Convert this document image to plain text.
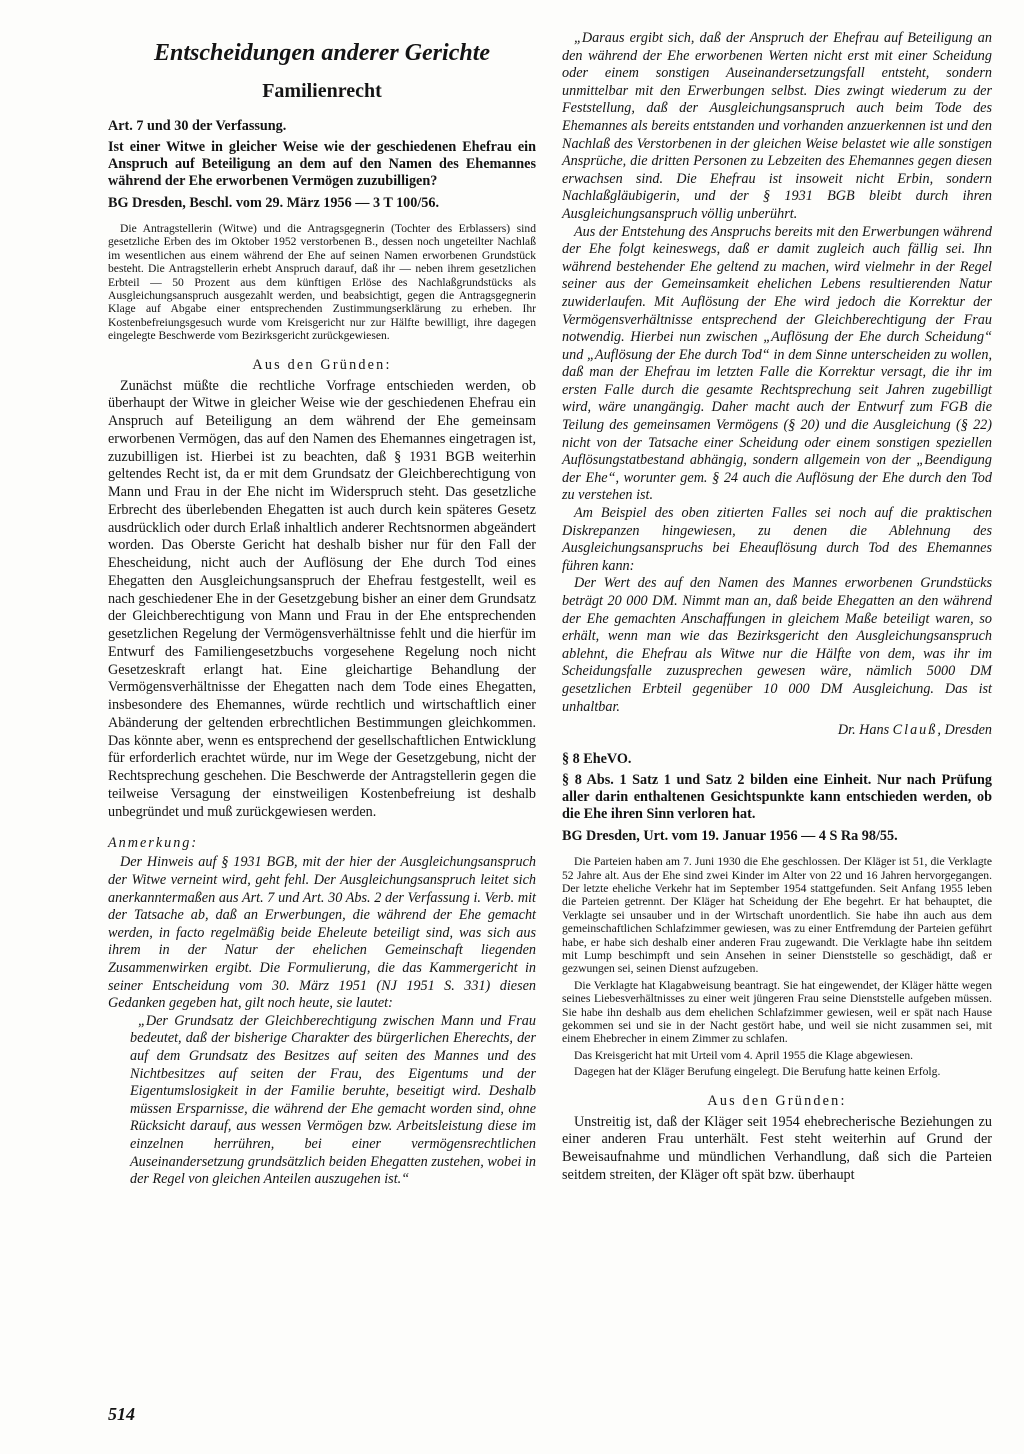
Entscheidungen anderer Gerichte
Familienrecht

Art. 7 und 30 der Verfassung.

Ist einer Witwe in gleicher Weise wie der geschiedenen Ehefrau ein Anspruch auf Beteiligung an dem auf den Namen des Ehemannes während der Ehe erworbenen Vermögen zuzubilligen?

BG Dresden, Beschl. vom 29. März 1956 — 3 T 100/56.

Die Antragstellerin (Witwe) und die Antragsgegnerin (Tochter des Erblassers) sind gesetzliche Erben des im Oktober 1952 verstorbenen B., dessen noch ungeteilter Nachlaß im wesentlichen aus einem während der Ehe auf seinen Namen erworbenen Grundstück besteht. Die Antragstellerin erhebt Anspruch darauf, daß ihr — neben ihrem gesetzlichen Erbteil — 50 Prozent aus dem künftigen Erlöse des Nachlaßgrundstücks als Ausgleichungsanspruch ausgezahlt werden, und beabsichtigt, gegen die Antragsgegnerin Klage auf Abgabe einer entsprechenden Zustimmungserklärung zu erheben. Ihr Kostenbefreiungsgesuch wurde vom Kreisgericht nur zur Hälfte bewilligt, ihre dagegen eingelegte Beschwerde vom Bezirksgericht zurückgewiesen.

Aus den Gründen:

Zunächst müßte die rechtliche Vorfrage entschieden werden, ob überhaupt der Witwe in gleicher Weise wie der geschiedenen Ehefrau ein Anspruch auf Beteiligung an dem während der Ehe gemeinsam erworbenen Vermögen, das auf den Namen des Ehemannes eingetragen ist, zuzubilligen ist. Hierbei ist zu beachten, daß § 1931 BGB weiterhin geltendes Recht ist, da er mit dem Grundsatz der Gleichberechtigung von Mann und Frau in der Ehe nicht im Widerspruch steht. Das gesetzliche Erbrecht des überlebenden Ehegatten ist auch durch kein späteres Gesetz ausdrücklich oder durch Erlaß inhaltlich anderer Rechtsnormen abgeändert worden. Das Oberste Gericht hat deshalb bisher nur für den Fall der Ehescheidung, nicht auch der Auflösung der Ehe durch Tod eines Ehegatten den Ausgleichungsanspruch der Ehefrau festgestellt, weil es nach geschiedener Ehe in der Gesetzgebung bisher an einer dem Grundsatz der Gleichberechtigung von Mann und Frau in der Ehe entsprechenden gesetzlichen Regelung der Vermögensverhältnisse fehlt und die hierfür im Entwurf des Familiengesetzbuchs vorgesehene Regelung noch nicht Gesetzeskraft erlangt hat. Eine gleichartige Behandlung der Vermögensverhältnisse der Ehegatten nach dem Tode eines Ehegatten, insbesondere des Ehemannes, würde rechtlich und wirtschaftlich einer Abänderung der geltenden erbrechtlichen Bestimmungen gleichkommen. Das könnte aber, wenn es entsprechend der gesellschaftlichen Entwicklung für erforderlich erachtet würde, nur im Wege der Gesetzgebung, nicht der Rechtsprechung geschehen. Die Beschwerde der Antragstellerin gegen die teilweise Versagung der einstweiligen Kostenbefreiung ist deshalb unbegründet und muß zurückgewiesen werden.

Anmerkung:

Der Hinweis auf § 1931 BGB, mit der hier der Ausgleichungsanspruch der Witwe verneint wird, geht fehl. Der Ausgleichungsanspruch leitet sich anerkanntermaßen aus Art. 7 und Art. 30 Abs. 2 der Verfassung i. Verb. mit der Tatsache ab, daß an Erwerbungen, die während der Ehe gemacht werden, in facto regelmäßig beide Eheleute beteiligt sind, was sich aus ihrem in der Natur der ehelichen Gemeinschaft liegenden Zusammenwirken ergibt. Die Formulierung, die das Kammergericht in seiner Entscheidung vom 30. März 1951 (NJ 1951 S. 331) diesen Gedanken gegeben hat, gilt noch heute, sie lautet:

„Der Grundsatz der Gleichberechtigung zwischen Mann und Frau bedeutet, daß der bisherige Charakter des bürgerlichen Eherechts, der auf dem Grundsatz des Besitzes auf seiten des Mannes und des Nichtbesitzes auf seiten der Frau, des Eigentums und der Eigentumslosigkeit in der Familie beruhte, beseitigt wird. Deshalb müssen Ersparnisse, die während der Ehe gemacht worden sind, ohne Rücksicht darauf, aus wessen Vermögen bzw. Arbeitsleistung diese im einzelnen herrühren, bei einer vermögensrechtlichen Auseinandersetzung grundsätzlich beiden Ehegatten zustehen, wobei in der Regel von gleichen Anteilen auszugehen ist.“

„Daraus ergibt sich, daß der Anspruch der Ehefrau auf Beteiligung an den während der Ehe erworbenen Werten nicht erst mit einer Scheidung oder einem sonstigen Auseinandersetzungsfall entsteht, sondern unmittelbar mit den Erwerbungen selbst. Dies zwingt wiederum zu der Feststellung, daß der Ausgleichungsanspruch auch beim Tode des Ehemannes als bereits entstanden und vorhanden anzuerkennen ist und den Nachlaß des Verstorbenen in der gleichen Weise belastet wie alle sonstigen Ansprüche, die dritten Personen zu Lebzeiten des Ehemannes gegen diesen erwachsen sind. Die Ehefrau ist insoweit nicht Erbin, sondern Nachlaßgläubigerin, und der § 1931 BGB bleibt durch ihren Ausgleichungsanspruch völlig unberührt.

Aus der Entstehung des Anspruchs bereits mit den Erwerbungen während der Ehe folgt keineswegs, daß er damit zugleich auch fällig sei. Ihn während bestehender Ehe geltend zu machen, wird vielmehr in der Regel seiner aus der Gemeinsamkeit ehelichen Lebens resultierenden Natur zuwiderlaufen. Mit Auflösung der Ehe wird jedoch die Korrektur der Vermögensverhältnisse entsprechend der Gleichberechtigung der Frau notwendig. Hierbei nun zwischen „Auflösung der Ehe durch Scheidung“ und „Auflösung der Ehe durch Tod“ in dem Sinne unterscheiden zu wollen, daß man der Ehefrau im letzten Falle die Korrektur versagt, die ihr im ersten Falle durch die gesamte Rechtsprechung seit Jahren zugebilligt wird, wäre unangängig. Daher macht auch der Entwurf zum FGB die Teilung des gemeinsamen Vermögens (§ 20) und die Ausgleichung (§ 22) nicht von der Tatsache einer Scheidung oder einem sonstigen speziellen Auflösungstatbestand abhängig, sondern allgemein von der „Beendigung der Ehe“, worunter gem. § 24 auch die Auflösung der Ehe durch den Tod zu verstehen ist.

Am Beispiel des oben zitierten Falles sei noch auf die praktischen Diskrepanzen hingewiesen, zu denen die Ablehnung des Ausgleichungsanspruchs bei Eheauflösung durch Tod des Ehemannes führen kann:

Der Wert des auf den Namen des Mannes erworbenen Grundstücks beträgt 20 000 DM. Nimmt man an, daß beide Ehegatten an den während der Ehe gemachten Anschaffungen in gleichem Maße beteiligt waren, so erhält, wenn man wie das Bezirksgericht den Ausgleichungsanspruch ablehnt, die Ehefrau als Witwe nur die Hälfte von dem, was ihr im Scheidungsfalle zuzusprechen gewesen wäre, nämlich 5000 DM gesetzlichen Erbteil gegenüber 10 000 DM Ausgleichung. Das ist unhaltbar.

Dr. Hans Clauß, Dresden

§ 8 EheVO.

§ 8 Abs. 1 Satz 1 und Satz 2 bilden eine Einheit. Nur nach Prüfung aller darin enthaltenen Gesichtspunkte kann entschieden werden, ob die Ehe ihren Sinn verloren hat.

BG Dresden, Urt. vom 19. Januar 1956 — 4 S Ra 98/55.

Die Parteien haben am 7. Juni 1930 die Ehe geschlossen. Der Kläger ist 51, die Verklagte 52 Jahre alt. Aus der Ehe sind zwei Kinder im Alter von 22 und 16 Jahren hervorgegangen. Der letzte eheliche Verkehr hat im September 1954 stattgefunden. Seit Anfang 1955 leben die Parteien getrennt. Der Kläger hat Scheidung der Ehe begehrt. Er hat behauptet, die Verklagte sei unsauber und in der Wirtschaft unordentlich. Sie habe ihn auch aus dem gemeinschaftlichen Schlafzimmer gewiesen, was zu einer Entfremdung der Parteien geführt habe, er habe sich deshalb einer anderen Frau zugewandt. Die Verklagte habe ihn seitdem mit Lump beschimpft und sein Ansehen in seiner Dienststelle so geschädigt, daß er gezwungen sei, seinen Dienst aufzugeben.

Die Verklagte hat Klagabweisung beantragt. Sie hat eingewendet, der Kläger hätte wegen seines Liebesverhältnisses zu einer weit jüngeren Frau seine Dienststelle aufgeben müssen. Sie habe ihn deshalb aus dem ehelichen Schlafzimmer gewiesen, weil er spät nach Hause gekommen sei und sie in der Nacht gestört habe, und weil sie nicht zusammen sei, mit einem Ehebrecher in einem Zimmer zu schlafen.

Das Kreisgericht hat mit Urteil vom 4. April 1955 die Klage abgewiesen.

Dagegen hat der Kläger Berufung eingelegt. Die Berufung hatte keinen Erfolg.

Aus den Gründen:

Unstreitig ist, daß der Kläger seit 1954 ehebrecherische Beziehungen zu einer anderen Frau unterhält. Fest steht weiterhin auf Grund der Beweisaufnahme und mündlichen Verhandlung, daß sich die Parteien seitdem streiten, der Kläger oft spät bzw. überhaupt

514
